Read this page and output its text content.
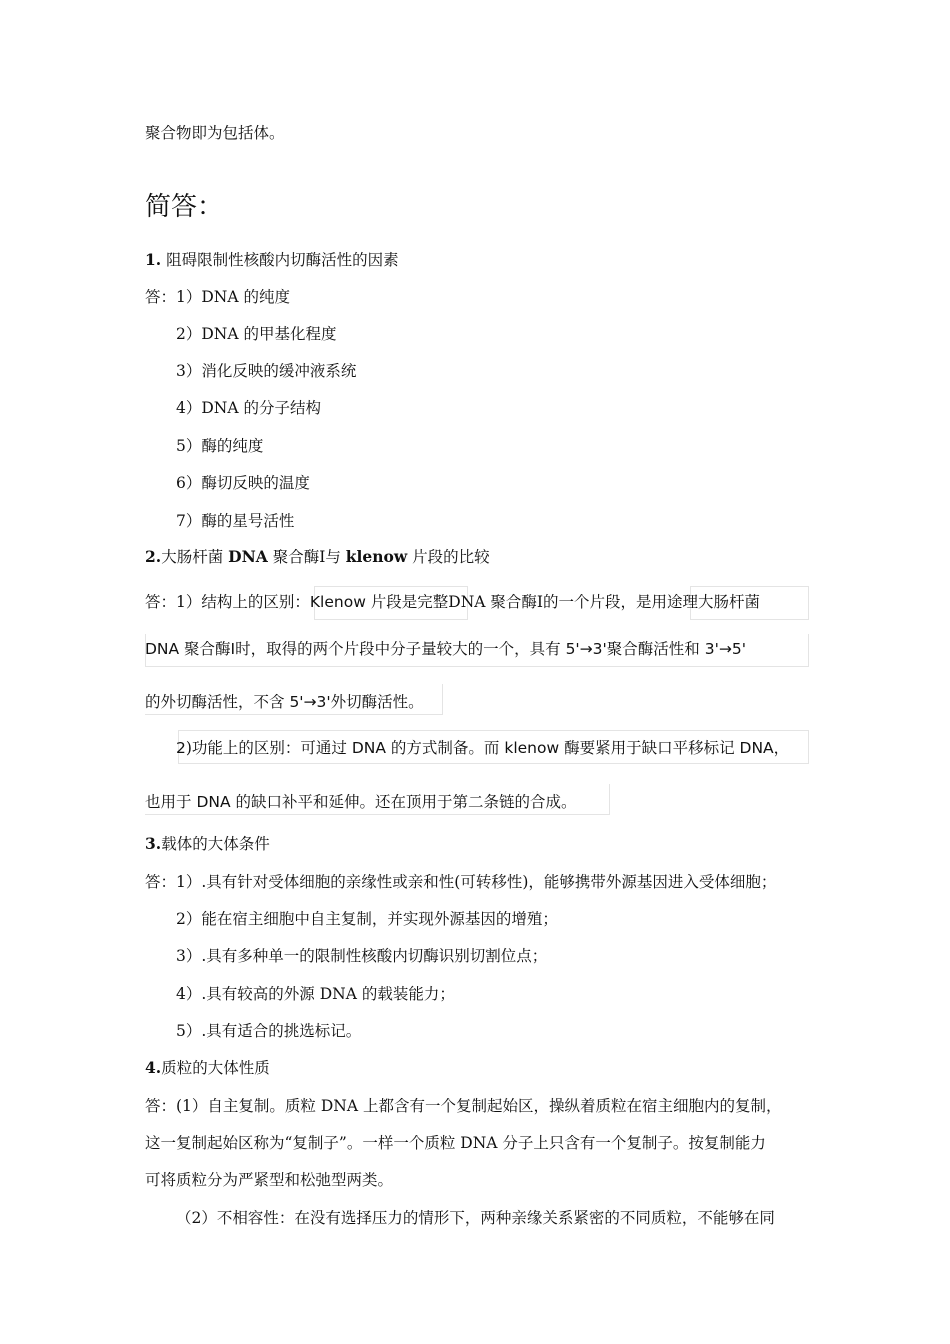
聚合物即为包括体。
简答：
1. 阻碍限制性核酸内切酶活性的因素
答：1）DNA 的纯度
2）DNA 的甲基化程度
3）消化反映的缓冲液系统
4）DNA 的分子结构
5）酶的纯度
6）酶切反映的温度
7）酶的星号活性
2.大肠杆菌 DNA 聚合酶Ⅰ与 klenow 片段的比较
答：1）结构上的区别：Klenow 片段是完整DNA 聚合酶Ⅰ的一个片段，是用途理大肠杆菌
DNA 聚合酶Ⅰ时，取得的两个片段中分子量较大的一个，具有 5'→3'聚合酶活性和 3'→5'
的外切酶活性，不含 5'→3'外切酶活性。
2)功能上的区别：可通过 DNA 的方式制备。而 klenow 酶要紧用于缺口平移标记 DNA，
也用于 DNA 的缺口补平和延伸。还在顶用于第二条链的合成。
3.载体的大体条件
答：1）.具有针对受体细胞的亲缘性或亲和性(可转移性)，能够携带外源基因进入受体细胞；
2）能在宿主细胞中自主复制，并实现外源基因的增殖；
3）.具有多种单一的限制性核酸内切酶识别切割位点；
4）.具有较高的外源 DNA 的载装能力；
5）.具有适合的挑选标记。
4.质粒的大体性质
答：(1）自主复制。质粒 DNA 上都含有一个复制起始区，操纵着质粒在宿主细胞内的复制，
这一复制起始区称为“复制子”。一样一个质粒 DNA 分子上只含有一个复制子。按复制能力
可将质粒分为严紧型和松弛型两类。
（2）不相容性：在没有选择压力的情形下，两种亲缘关系紧密的不同质粒，不能够在同
